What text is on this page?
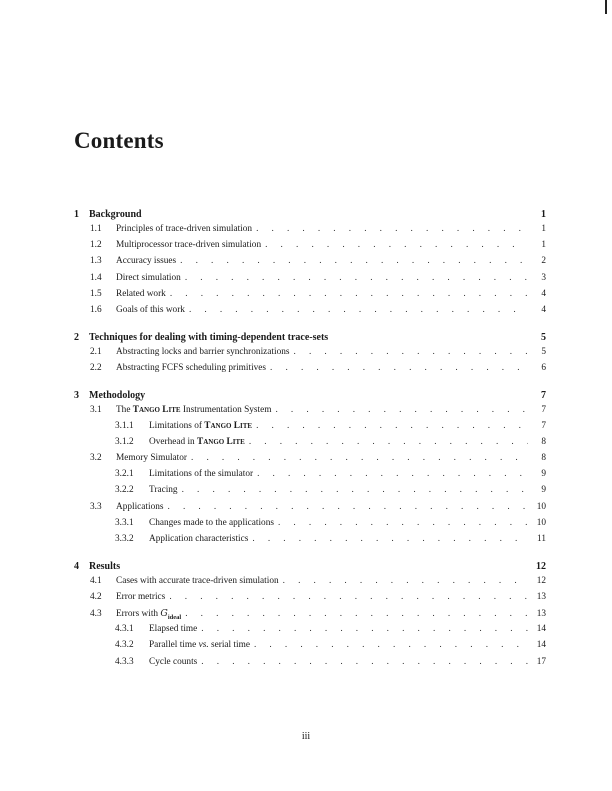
Contents
1	Background	1
1.1	Principles of trace-driven simulation . . .	1
1.2	Multiprocessor trace-driven simulation . . .	1
1.3	Accuracy issues . . .	2
1.4	Direct simulation . . .	3
1.5	Related work . . .	4
1.6	Goals of this work . . .	4
2	Techniques for dealing with timing-dependent trace-sets	5
2.1	Abstracting locks and barrier synchronizations . . .	5
2.2	Abstracting FCFS scheduling primitives . . .	6
3	Methodology	7
3.1	The Tango Lite Instrumentation System . . .	7
3.1.1	Limitations of Tango Lite . . .	7
3.1.2	Overhead in Tango Lite . . .	8
3.2	Memory Simulator . . .	8
3.2.1	Limitations of the simulator . . .	9
3.2.2	Tracing . . .	9
3.3	Applications . . .	10
3.3.1	Changes made to the applications . . .	10
3.3.2	Application characteristics . . .	11
4	Results	12
4.1	Cases with accurate trace-driven simulation . . .	12
4.2	Error metrics . . .	13
4.3	Errors with $G_{ideal}$ . . .	13
4.3.1	Elapsed time . . .	14
4.3.2	Parallel time vs. serial time . . .	14
4.3.3	Cycle counts . . .	17
iii
